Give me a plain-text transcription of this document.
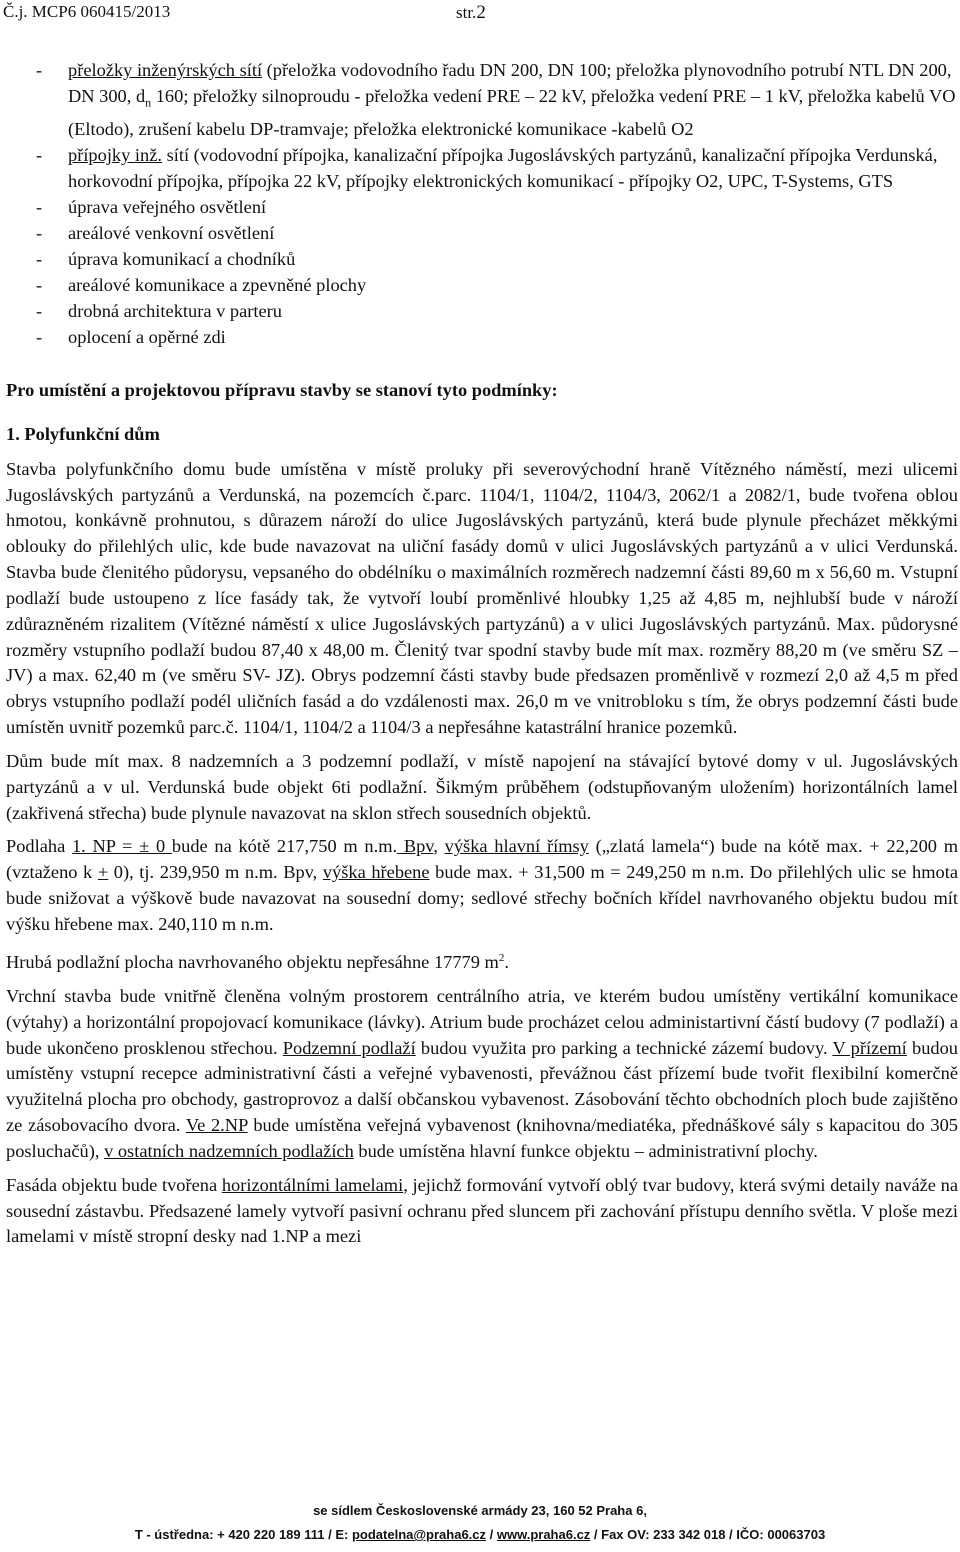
Č.j. MCP6 060415/2013	str.2
- přeložky inženýrských sítí (přeložka vodovodního řadu DN 200, DN 100; přeložka plynovodního potrubí NTL DN 200, DN 300, $d_n$ 160; přeložky silnoproudu - přeložka vedení PRE – 22 kV, přeložka vedení PRE – 1 kV, přeložka kabelů VO (Eltodo), zrušení kabelu DP-tramvaje; přeložka elektronické komunikace -kabelů O2
- přípojky inž. sítí (vodovodní přípojka, kanalizační přípojka Jugoslávských partyzánů, kanalizační přípojka Verdunská, horkovodní přípojka, přípojka 22 kV, přípojky elektronických komunikací - přípojky O2, UPC, T-Systems, GTS
- úprava veřejného osvětlení
- areálové venkovní osvětlení
- úprava komunikací a chodníků
- areálové komunikace a zpevněné plochy
- drobná architektura v parteru
- oplocení a opěrné zdi
Pro umístění a projektovou přípravu stavby se stanoví tyto podmínky:
1. Polyfunkční dům

Stavba polyfunkčního domu bude umístěna v místě proluky při severovýchodní hraně Vítězného náměstí, mezi ulicemi Jugoslávských partyzánů a Verdunská, na pozemcích č.parc. 1104/1, 1104/2, 1104/3, 2062/1 a 2082/1, bude tvořena oblou hmotou, konkávně prohnutou, s důrazem nároží do ulice Jugoslávských partyzánů, která bude plynule přecházet měkkými oblouky do přilehlých ulic, kde bude navazovat na uliční fasády domů v ulici Jugoslávských partyzánů a v ulici Verdunská. Stavba bude členitého půdorysu, vepsaného do obdélníku o maximálních rozměrech nadzemní části 89,60 m x 56,60 m. Vstupní podlaží bude ustoupeno z líce fasády tak, že vytvoří loubí proměnlivé hloubky 1,25 až 4,85 m, nejhlubší bude v nároží zdůrazněném rizalitem (Vítězné náměstí x ulice Jugoslávských partyzánů) a v ulici Jugoslávských partyzánů. Max. půdorysné rozměry vstupního podlaží budou 87,40 x 48,00 m. Členitý tvar spodní stavby bude mít max. rozměry 88,20 m (ve směru SZ – JV) a max. 62,40 m (ve směru SV- JZ). Obrys podzemní části stavby bude předsazen proměnlivě v rozmezí 2,0 až 4,5 m před obrys vstupního podlaží podél uličních fasád a do vzdálenosti max. 26,0 m ve vnitrobloku s tím, že obrys podzemní části bude umístěn uvnitř pozemků parc.č. 1104/1, 1104/2 a 1104/3 a nepřesáhne katastrální hranice pozemků.

Dům bude mít max. 8 nadzemních a 3 podzemní podlaží, v místě napojení na stávající bytové domy v ul. Jugoslávských partyzánů a v ul. Verdunská bude objekt 6ti podlažní. Šikmým průběhem (odstupňovaným uložením) horizontálních lamel (zakřivená střecha) bude plynule navazovat na sklon střech sousedních objektů.

Podlaha 1. NP = ± 0 bude na kótě 217,750 m n.m. Bpv, výška hlavní římsy („zlatá lamela“) bude na kótě max. + 22,200 m (vztaženo k + 0), tj. 239,950 m n.m. Bpv, výška hřebene bude max. + 31,500 m = 249,250 m n.m. Do přilehlých ulic se hmota bude snižovat a výškově bude navazovat na sousední domy; sedlové střechy bočních křídel navrhovaného objektu budou mít výšku hřebene max. 240,110 m n.m.

Hrubá podlažní plocha navrhovaného objektu nepřesáhne 17779 $m^2$.

Vrchní stavba bude vnitřně členěna volným prostorem centrálního atria, ve kterém budou umístěny vertikální komunikace (výtahy) a horizontální propojovací komunikace (lávky). Atrium bude procházet celou administartivní částí budovy (7 podlaží) a bude ukončeno prosklenou střechou. Podzemní podlaží budou využita pro parking a technické zázemí budovy. V přízemí budou umístěny vstupní recepce administrativní části a veřejné vybavenosti, převážnou část přízemí bude tvořit flexibilní komerčně využitelná plocha pro obchody, gastroprovoz a další občanskou vybavenost. Zásobování těchto obchodních ploch bude zajištěno ze zásobovacího dvora. Ve 2.NP bude umístěna veřejná vybavenost (knihovna/mediatéka, přednáškové sály s kapacitou do 305 posluchačů), v ostatních nadzemních podlažích bude umístěna hlavní funkce objektu – administrativní plochy.

Fasáda objektu bude tvořena horizontálními lamelami, jejichž formování vytvoří oblý tvar budovy, která svými detaily naváže na sousední zástavbu. Předsazené lamely vytvoří pasivní ochranu před sluncem při zachování přístupu denního světla. V ploše mezi lamelami v místě stropní desky nad 1.NP a mezi

se sídlem Československé armády 23, 160 52 Praha 6,
T - ústředna: + 420 220 189 111 / E: podatelna@praha6.cz / www.praha6.cz / Fax OV: 233 342 018 / IČO: 00063703
